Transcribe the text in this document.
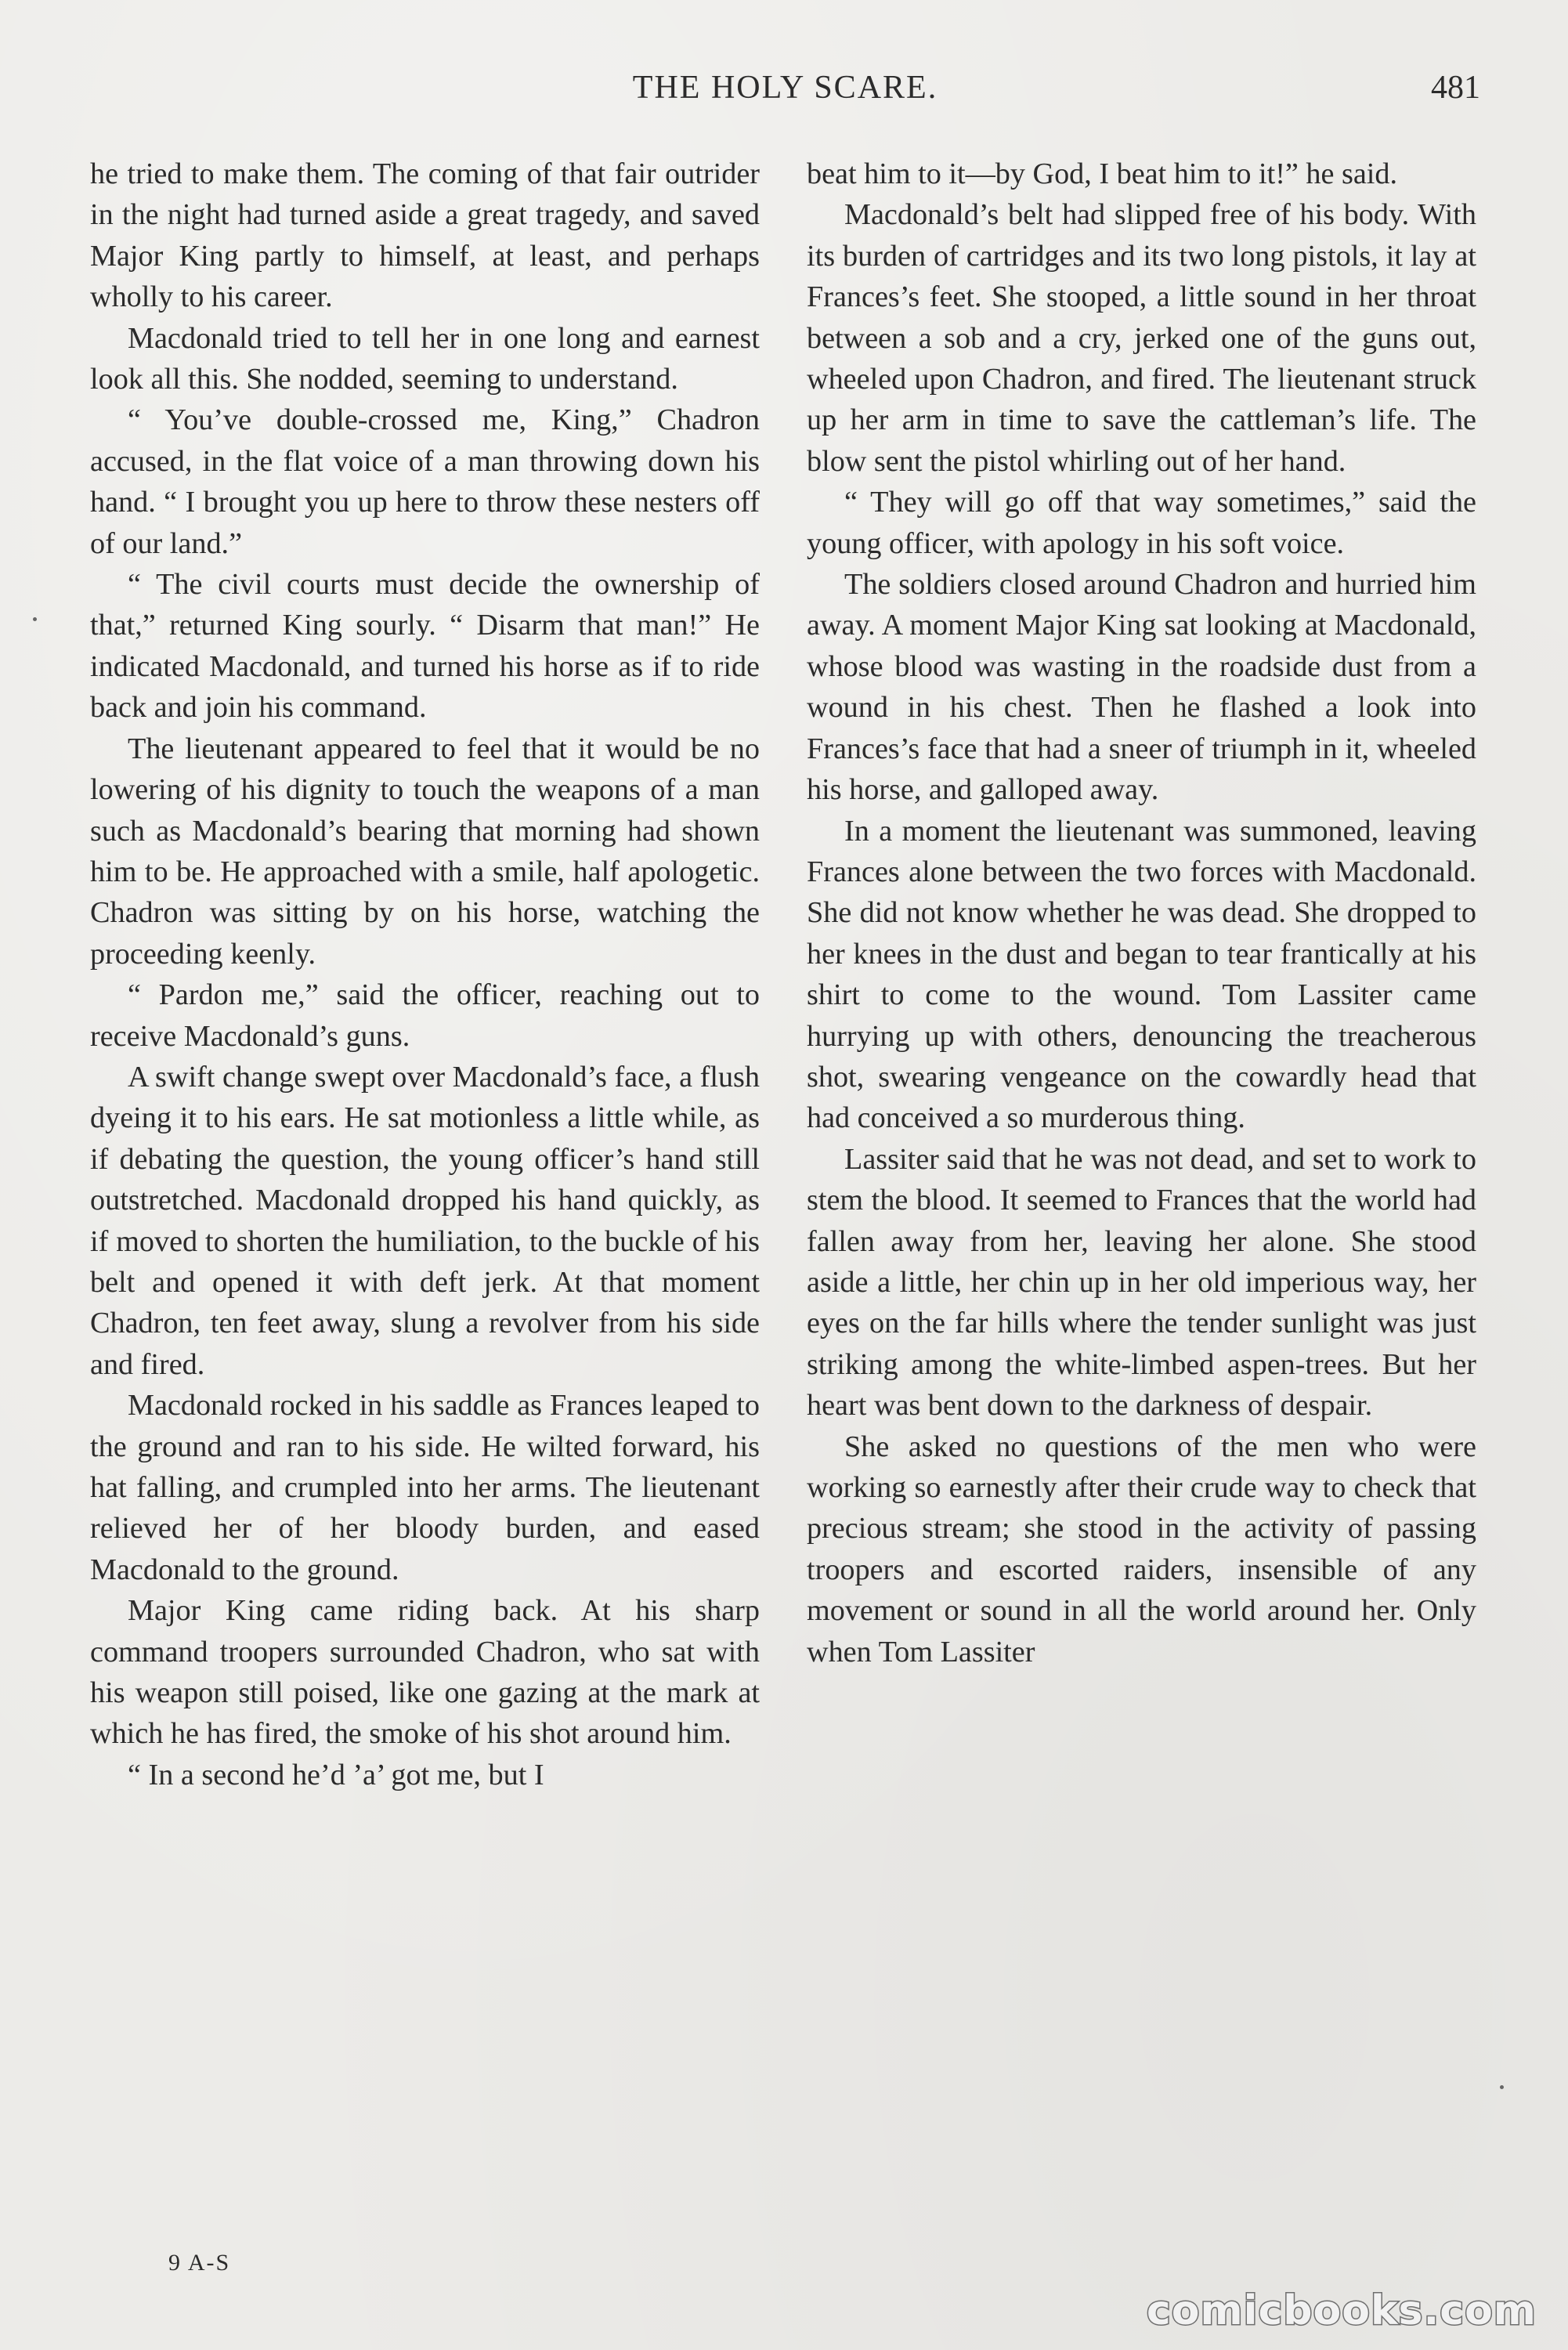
THE HOLY SCARE.	481

he tried to make them. The coming of that fair outrider in the night had turned aside a great tragedy, and saved Major King partly to himself, at least, and perhaps wholly to his career.

Macdonald tried to tell her in one long and earnest look all this. She nodded, seeming to understand.

“ You’ve double-crossed me, King,” Chadron accused, in the flat voice of a man throwing down his hand. “ I brought you up here to throw these nesters off of our land.”

“ The civil courts must decide the ownership of that,” returned King sourly. “ Disarm that man!” He indicated Macdonald, and turned his horse as if to ride back and join his command.

The lieutenant appeared to feel that it would be no lowering of his dignity to touch the weapons of a man such as Macdonald’s bearing that morning had shown him to be. He approached with a smile, half apologetic. Chadron was sitting by on his horse, watching the proceeding keenly.

“ Pardon me,” said the officer, reaching out to receive Macdonald’s guns.

A swift change swept over Macdonald’s face, a flush dyeing it to his ears. He sat motionless a little while, as if debating the question, the young officer’s hand still outstretched. Macdonald dropped his hand quickly, as if moved to shorten the humiliation, to the buckle of his belt and opened it with deft jerk. At that moment Chadron, ten feet away, slung a revolver from his side and fired.

Macdonald rocked in his saddle as Frances leaped to the ground and ran to his side. He wilted forward, his hat falling, and crumpled into her arms. The lieutenant relieved her of her bloody burden, and eased Macdonald to the ground.

Major King came riding back. At his sharp command troopers surrounded Chadron, who sat with his weapon still poised, like one gazing at the mark at which he has fired, the smoke of his shot around him.

“ In a second he’d ’a’ got me, but I

beat him to it—by God, I beat him to it!” he said.

Macdonald’s belt had slipped free of his body. With its burden of cartridges and its two long pistols, it lay at Frances’s feet. She stooped, a little sound in her throat between a sob and a cry, jerked one of the guns out, wheeled upon Chadron, and fired. The lieutenant struck up her arm in time to save the cattleman’s life. The blow sent the pistol whirling out of her hand.

“ They will go off that way sometimes,” said the young officer, with apology in his soft voice.

The soldiers closed around Chadron and hurried him away. A moment Major King sat looking at Macdonald, whose blood was wasting in the roadside dust from a wound in his chest. Then he flashed a look into Frances’s face that had a sneer of triumph in it, wheeled his horse, and galloped away.

In a moment the lieutenant was summoned, leaving Frances alone between the two forces with Macdonald. She did not know whether he was dead. She dropped to her knees in the dust and began to tear frantically at his shirt to come to the wound. Tom Lassiter came hurrying up with others, denouncing the treacherous shot, swearing vengeance on the cowardly head that had conceived a so murderous thing.

Lassiter said that he was not dead, and set to work to stem the blood. It seemed to Frances that the world had fallen away from her, leaving her alone. She stood aside a little, her chin up in her old imperious way, her eyes on the far hills where the tender sunlight was just striking among the white-limbed aspen-trees. But her heart was bent down to the darkness of despair.

She asked no questions of the men who were working so earnestly after their crude way to check that precious stream; she stood in the activity of passing troopers and escorted raiders, insensible of any movement or sound in all the world around her. Only when Tom Lassiter

9 A-S
comicbooks.com
